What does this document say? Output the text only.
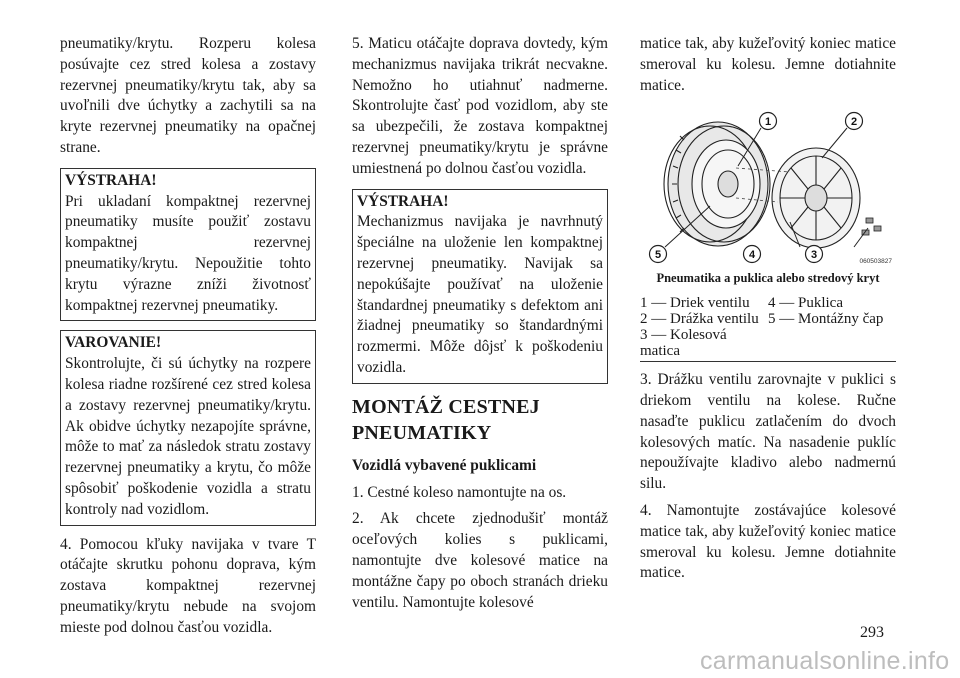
pneumatiky/krytu. Rozperu kolesa posúvajte cez stred kolesa a zostavy rezervnej pneumatiky/krytu tak, aby sa uvoľnili dve úchytky a zachytili sa na kryte rezervnej pneumatiky na opačnej strane.

VÝSTRAHA!
Pri ukladaní kompaktnej rezervnej pneumatiky musíte použiť zostavu kompaktnej rezervnej pneumatiky/krytu. Nepoužitie tohto krytu výrazne zníži životnosť kompaktnej rezervnej pneumatiky.
VAROVANIE!
Skontrolujte, či sú úchytky na rozpere kolesa riadne rozšírené cez stred kolesa a zostavy rezervnej pneumatiky/krytu. Ak obidve úchytky nezapojíte správne, môže to mať za následok stratu zostavy rezervnej pneumatiky a krytu, čo môže spôsobiť poškodenie vozidla a stratu kontroly nad vozidlom.

4. Pomocou kľuky navijaka v tvare T otáčajte skrutku pohonu doprava, kým zostava kompaktnej rezervnej pneumatiky/krytu nebude na svojom mieste pod dolnou časťou vozidla.

5. Maticu otáčajte doprava dovtedy, kým mechanizmus navijaka trikrát necvakne. Nemožno ho utiahnuť nadmerne. Skontrolujte časť pod vozidlom, aby ste sa ubezpečili, že zostava kompaktnej rezervnej pneumatiky/krytu je správne umiestnená po dolnou časťou vozidla.

VÝSTRAHA!
Mechanizmus navijaka je navrhnutý špeciálne na uloženie len kompaktnej rezervnej pneumatiky. Navijak sa nepokúšajte používať na uloženie štandardnej pneumatiky s defektom ani žiadnej pneumatiky so štandardnými rozmermi. Môže dôjsť k poškodeniu vozidla.
MONTÁŽ CESTNEJ PNEUMATIKY
Vozidlá vybavené puklicami

1. Cestné koleso namontujte na os.

2. Ak chcete zjednodušiť montáž oceľových kolies s puklicami, namontujte dve kolesové matice na montážne čapy po oboch stranách drieku ventilu. Namontujte kolesové

matice tak, aby kužeľovitý koniec matice smeroval ku kolesu. Jemne dotiahnite matice.

1	2
3
4
5
060503827
Pneumatika a puklica alebo stredový kryt
1 — Driek ventilu	4 — Puklica
2 — Drážka ventilu 5 — Montážny čap
3 — Kolesová matica

3. Drážku ventilu zarovnajte v puklici s driekom ventilu na kolese. Ručne nasaďte puklicu zatlačením do dvoch kolesových matíc. Na nasadenie puklíc nepoužívajte kladivo alebo nadmernú silu.

4. Namontujte zostávajúce kolesové matice tak, aby kužeľovitý koniec matice smeroval ku kolesu. Jemne dotiahnite matice.

293
carmanualsonline.info
